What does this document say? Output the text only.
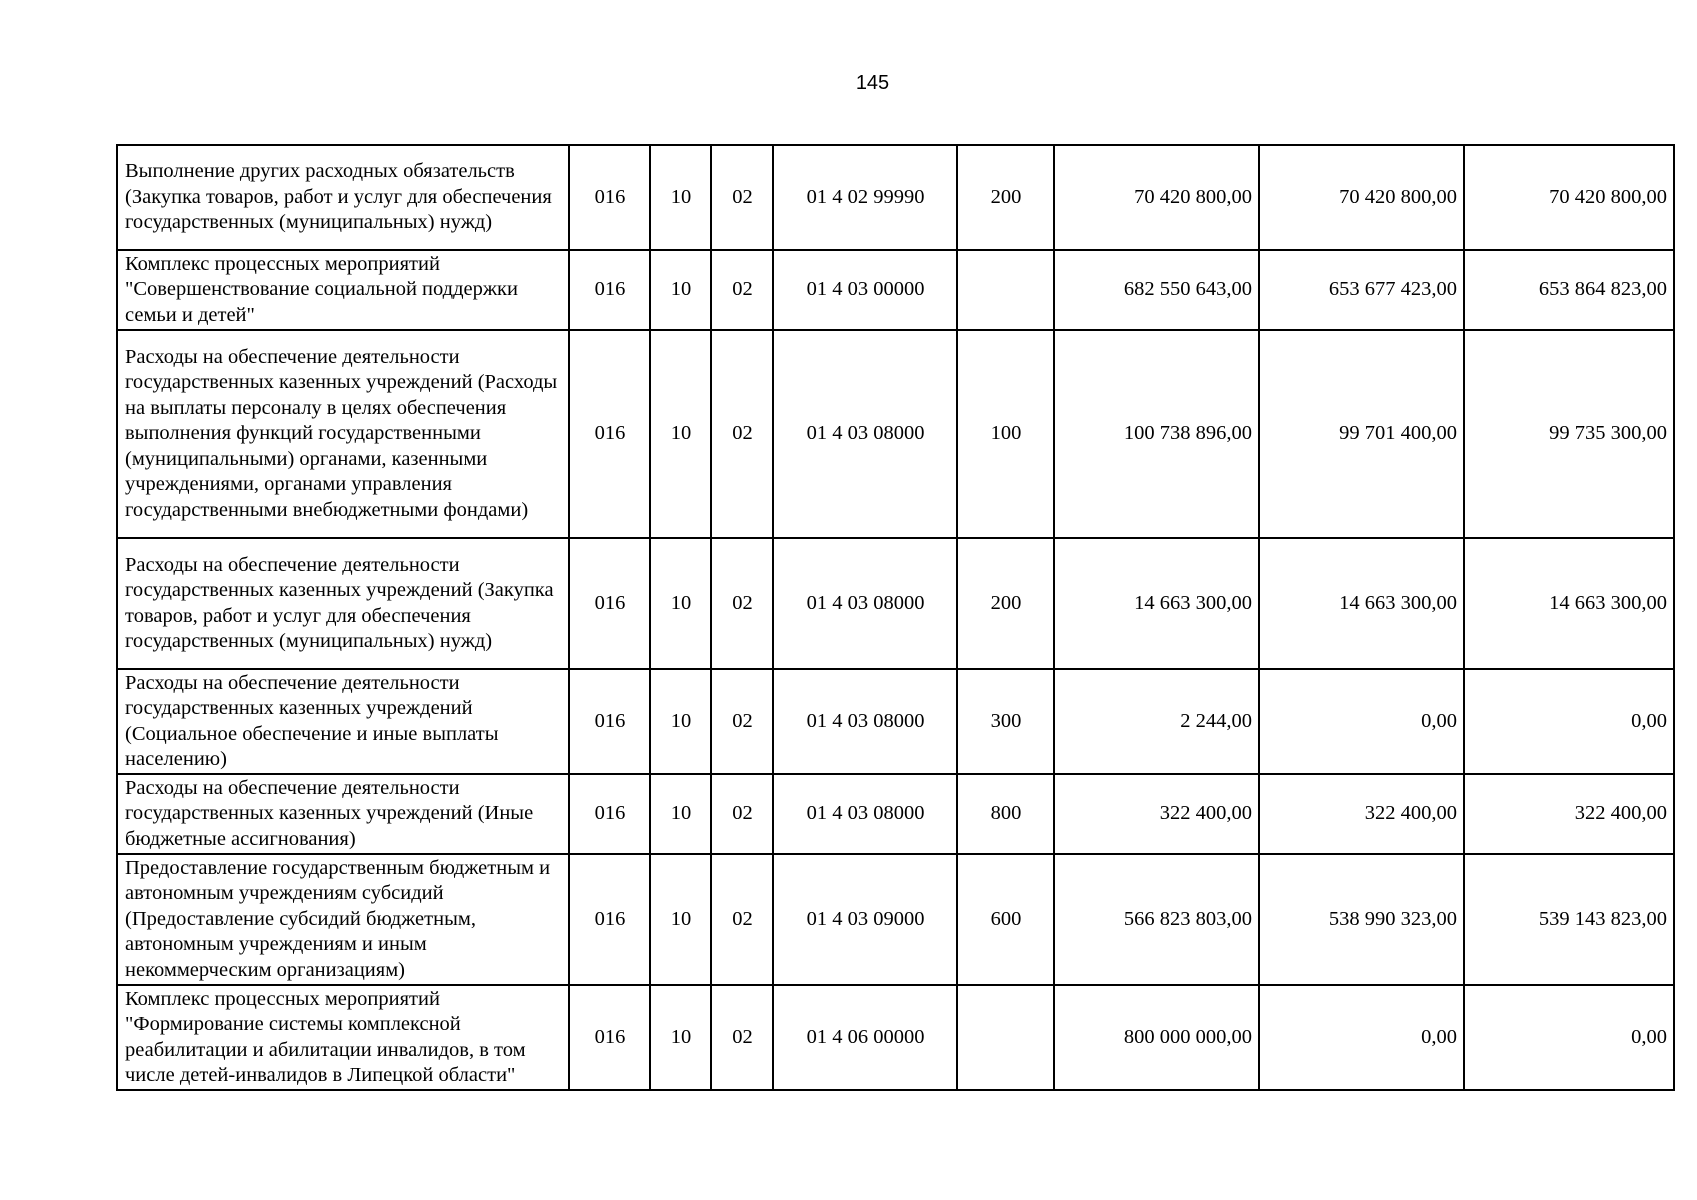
145
Выполнение других расходных обязательств (Закупка товаров, работ и услуг для обеспечения государственных (муниципальных) нужд)	016	10	02	01 4 02 99990	200	70 420 800,00	70 420 800,00	70 420 800,00
Комплекс процессных мероприятий "Совершенствование социальной поддержки семьи и детей"	016	10	02	01 4 03 00000		682 550 643,00	653 677 423,00	653 864 823,00
Расходы на обеспечение деятельности государственных казенных учреждений (Расходы на выплаты персоналу в целях обеспечения выполнения функций государственными (муниципальными) органами, казенными учреждениями, органами управления государственными внебюджетными фондами)	016	10	02	01 4 03 08000	100	100 738 896,00	99 701 400,00	99 735 300,00
Расходы на обеспечение деятельности государственных казенных учреждений (Закупка товаров, работ и услуг для обеспечения государственных (муниципальных) нужд)	016	10	02	01 4 03 08000	200	14 663 300,00	14 663 300,00	14 663 300,00
Расходы на обеспечение деятельности государственных казенных учреждений (Социальное обеспечение и иные выплаты населению)	016	10	02	01 4 03 08000	300	2 244,00	0,00	0,00
Расходы на обеспечение деятельности государственных казенных учреждений (Иные бюджетные ассигнования)	016	10	02	01 4 03 08000	800	322 400,00	322 400,00	322 400,00
Предоставление государственным бюджетным и автономным учреждениям субсидий (Предоставление субсидий бюджетным, автономным учреждениям и иным некоммерческим организациям)	016	10	02	01 4 03 09000	600	566 823 803,00	538 990 323,00	539 143 823,00
Комплекс процессных мероприятий "Формирование системы комплексной реабилитации и абилитации инвалидов, в том числе детей-инвалидов в Липецкой области"	016	10	02	01 4 06 00000		800 000 000,00	0,00	0,00
